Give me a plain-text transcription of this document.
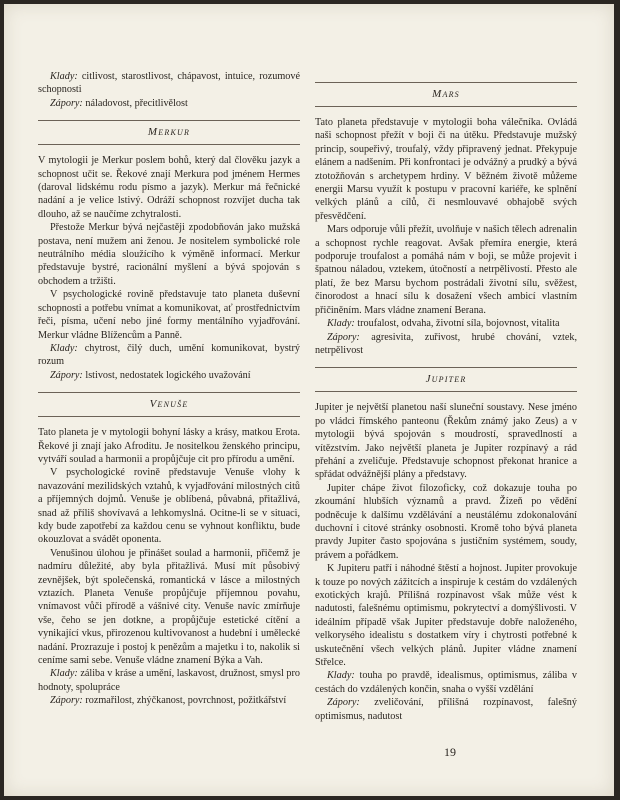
Klady: citlivost, starostlivost, chápavost, intuice, rozumové schopnosti

Zápory: náladovost, přecitlivělost

Merkur

V mytologii je Merkur poslem bohů, který dal člověku jazyk a schopnost učit se. Řekové znají Merkura pod jménem Hermes (daroval lidskému rodu písmo a jazyk). Merkur má řečnické nadání a je velice lstivý. Odráží schopnost rozvíjet ducha tak dlouho, až se naučíme zchytralosti.

Přestože Merkur bývá nejčastěji zpodobňován jako mužská postava, není mužem ani ženou. Je nositelem symbolické role neutrálního média sloužícího k výměně informací. Merkur představuje bystré, racionální myšlení a bývá spojován s obchodem a tržišti.

V psychologické rovině představuje tato planeta duševní schopnosti a potřebu vnímat a komunikovat, ať prostřednictvím řeči, písma, učení nebo jiné formy mentálního vyjadřování. Merkur vládne Blížencům a Panně.

Klady: chytrost, čilý duch, umění komunikovat, bystrý rozum

Zápory: lstivost, nedostatek logického uvažování

Venuše

Tato planeta je v mytologii bohyní lásky a krásy, matkou Erota. Řekové ji znají jako Afroditu. Je nositelkou ženského principu, vytváří soulad a harmonii a propůjčuje cit pro přírodu a umění.

V psychologické rovině představuje Venuše vlohy k navazování mezilidských vztahů, k vyjadřování milostných citů a příjemných dojmů. Venuše je oblíbená, půvabná, přitažlivá, snad až příliš shovívavá a lehkomyslná. Ocitne-li se v situaci, kdy bude zapotřebí za každou cenu se vyhnout konfliktu, bude okouzlovat a svádět oponenta.

Venušinou úlohou je přinášet soulad a harmonii, přičemž je nadmíru důležité, aby byla přitažlivá. Musí mít působivý zevnějšek, být společenská, romantická v lásce a milostných vztazích. Planeta Venuše propůjčuje příjemnou povahu, vnímavost vůči přírodě a vášnivé city. Venuše navíc zmírňuje vše, čeho se jen dotkne, a propůjčuje estetické cítění a vynikající vkus, přirozenou kultivovanost a hudební i umělecké nadání. Prozrazuje i postoj k penězům a majetku i to, nakolik si ceníme sami sebe. Venuše vládne znamení Býka a Vah.

Klady: záliba v kráse a umění, laskavost, družnost, smysl pro hodnoty, spolupráce

Zápory: rozmařilost, zhýčkanost, povrchnost, požitkářství

Mars

Tato planeta představuje v mytologii boha válečníka. Ovládá naši schopnost přežít v boji či na útěku. Představuje mužský princip, soupeřivý, troufalý, vždy připravený jednat. Překypuje elánem a nadšením. Při konfrontaci je odvážný a prudký a bývá ztotožňován s archetypem hrdiny. V běžném životě můžeme energii Marsu využít k postupu v pracovní kariéře, ke splnění velkých plánů a cílů, či nesmlouvavé obhajobě svých přesvědčení.

Mars odporuje vůli přežít, uvolňuje v našich tělech adrenalin a schopnost rychle reagovat. Avšak přemíra energie, která podporuje troufalost a pomáhá nám v boji, se může projevit i špatnou náladou, vztekem, útočností a netrpělivostí. Přesto ale platí, že bez Marsu bychom postrádali životní sílu, svěžest, činorodost a hnací sílu k dosažení všech ambicí vlastním přičiněním. Mars vládne znamení Berana.

Klady: troufalost, odvaha, životní síla, bojovnost, vitalita

Zápory: agresivita, zuřivost, hrubé chování, vztek, netrpělivost

Jupiter

Jupiter je největší planetou naší sluneční soustavy. Nese jméno po vládci římského panteonu (Řekům známý jako Zeus) a v mytologii bývá spojován s moudrostí, spravedlností a vítězstvím. Jako největší planeta je Jupiter rozpínavý a rád přehání a zveličuje. Představuje schopnost překonat hranice a spřádat odvážnější plány a představy.

Jupiter chápe život filozoficky, což dokazuje touha po zkoumání hlubších významů a pravd. Žízeň po vědění podněcuje k dalšímu vzdělávání a neustálému zdokonalování duchovní i citové stránky osobnosti. Kromě toho bývá planeta pravdy Jupiter často spojována s justičním systémem, soudy, právem a pořádkem.

K Jupiteru patří i náhodné štěstí a hojnost. Jupiter provokuje k touze po nových zážitcích a inspiruje k cestám do vzdálených exotických krajů. Přílišná rozpínavost však může vést k nadutosti, falešnému optimismu, pokrytectví a domýšlivosti. V ideálním případě však Jupiter představuje dobře naloženého, velkorysého idealistu s dostatkem víry i chytrosti potřebné k uskutečnění všech velkých plánů. Jupiter vládne znamení Střelce.

Klady: touha po pravdě, idealismus, optimismus, záliba v cestách do vzdálených končin, snaha o vyšší vzdělání

Zápory: zveličování, přílišná rozpínavost, falešný optimismus, nadutost

19
